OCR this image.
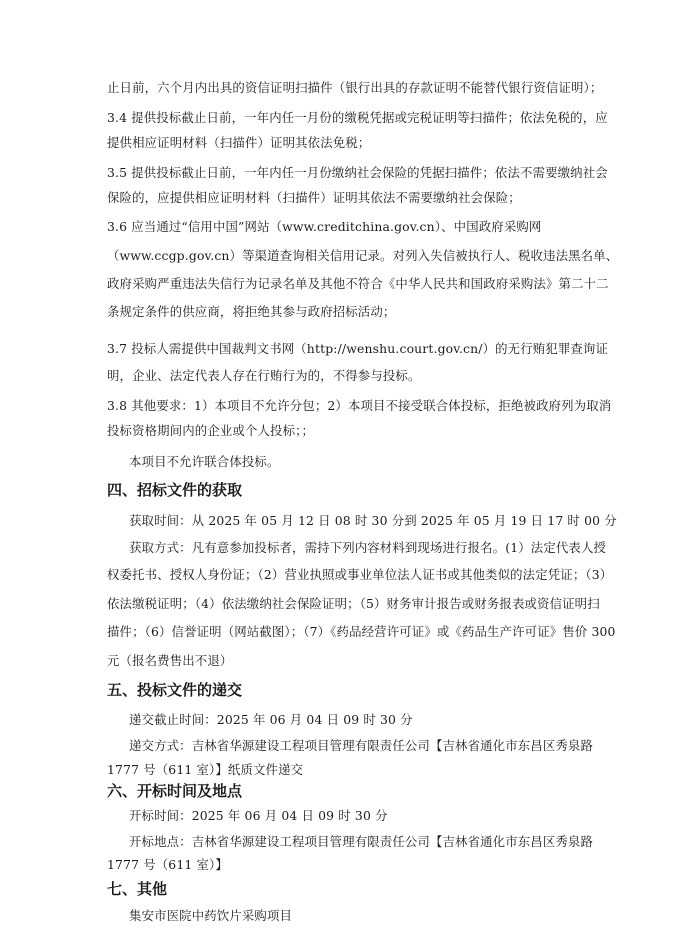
止日前，六个月内出具的资信证明扫描件（银行出具的存款证明不能替代银行资信证明）；
3.4 提供投标截止日前，一年内任一月份的缴税凭据或完税证明等扫描件；依法免税的，应
提供相应证明材料（扫描件）证明其依法免税；
3.5 提供投标截止日前，一年内任一月份缴纳社会保险的凭据扫描件；依法不需要缴纳社会
保险的，应提供相应证明材料（扫描件）证明其依法不需要缴纳社会保险；
3.6 应当通过“信用中国”网站（www.creditchina.gov.cn）、中国政府采购网
（www.ccgp.gov.cn）等渠道查询相关信用记录。对列入失信被执行人、税收违法黑名单、
政府采购严重违法失信行为记录名单及其他不符合《中华人民共和国政府采购法》第二十二
条规定条件的供应商，将拒绝其参与政府招标活动；
3.7 投标人需提供中国裁判文书网（http://wenshu.court.gov.cn/）的无行贿犯罪查询证
明，企业、法定代表人存在行贿行为的，不得参与投标。
3.8 其他要求：1）本项目不允许分包；2）本项目不接受联合体投标，拒绝被政府列为取消
投标资格期间内的企业或个人投标；；
本项目不允许联合体投标。
四、招标文件的获取
获取时间：从 2025 年 05 月 12 日 08 时 30 分到 2025 年 05 月 19 日 17 时 00 分
获取方式：凡有意参加投标者，需持下列内容材料到现场进行报名。(1）法定代表人授
权委托书、授权人身份证；（2）营业执照或事业单位法人证书或其他类似的法定凭证；（3）
依法缴税证明；（4）依法缴纳社会保险证明；（5）财务审计报告或财务报表或资信证明扫
描件；（6）信誉证明（网站截图）；（7）《药品经营许可证》或《药品生产许可证》售价 300
元（报名费售出不退）
五、投标文件的递交
递交截止时间：2025 年 06 月 04 日 09 时 30 分
递交方式：吉林省华源建设工程项目管理有限责任公司【吉林省通化市东昌区秀泉路
1777 号（611 室）】纸质文件递交
六、开标时间及地点
开标时间：2025 年 06 月 04 日 09 时 30 分
开标地点：吉林省华源建设工程项目管理有限责任公司【吉林省通化市东昌区秀泉路
1777 号（611 室）】
七、其他
集安市医院中药饮片采购项目
